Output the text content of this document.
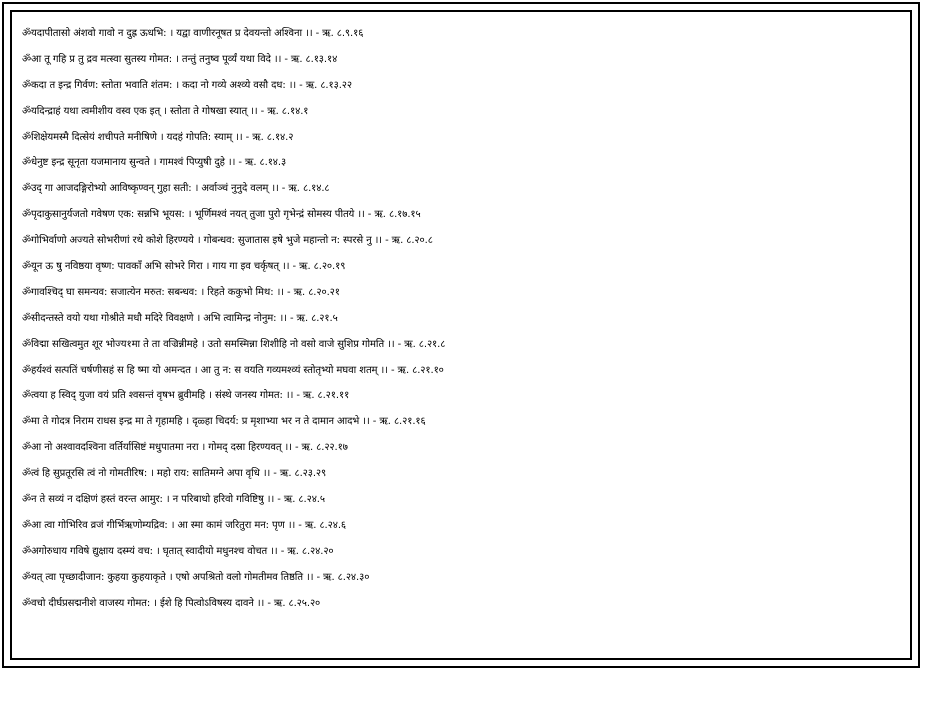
ॐयदापीतासो अंशवो गावो न दुह्र ऊधभि: । यद्वा वाणीरनूषत प्र देवयन्तो अश्विना ।। - ऋ. ८.९.१६
ॐआ तू गहि प्र तु द्रव मत्स्वा सुतस्य गोमत: । तन्तुं तनुष्व पूर्व्यं यथा विदे ।। - ऋ. ८.१३.१४
ॐकदा त इन्द्र गिर्वण: स्तोता भवाति शंतम: । कदा नो गव्ये अश्व्ये वसौ दध: ।। - ऋ. ८.१३.२२
ॐयदिन्द्राहं यथा त्वमीशीय वस्व एक इत् । स्तोता ते गोषखा स्यात् ।। - ऋ. ८.१४.१
ॐशिक्षेयमस्मै दित्सेयं शचीपते मनीषिणे । यदहं गोपति: स्याम् ।। - ऋ. ८.१४.२
ॐधेनुष्ट इन्द्र सूनृता यजमानाय सुन्वते । गामश्वं पिप्युषी दुहे ।। - ऋ. ८.१४.३
ॐउद् गा आजदङ्गिरोभ्यो आविष्कृण्वन् गुहा सती: । अर्वाञ्चं नुनुदे वलम् ।। - ऋ. ८.१४.८
ॐपृदाकुसानुर्यजतो गवेषण एक: सन्नभि भूयस: । भूर्णिमश्वं नयत् तुजा पुरो गृभेन्द्रं सोमस्य पीतये ।। - ऋ. ८.१७.१५
ॐगोभिर्वाणो अज्यते सोभरीणां रथे कोशे हिरण्यये । गोबन्धव: सुजातास इषे भुजे महान्तो न: स्परसे नु ।। - ऋ. ८.२०.८
ॐयून ऊ षु नविष्ठया वृष्ण: पावकाँ अभि सोभरे गिरा । गाय गा इव चर्कृषत् ।। - ऋ. ८.२०.१९
ॐगावश्चिद् घा समन्यव: सजात्येन मरुत: सबन्धव: । रिहते ककुभो मिथ: ।। - ऋ. ८.२०.२१
ॐसीदन्तस्ते वयो यथा गोश्रीते मधौ मदिरे विवक्षणे । अभि त्वामिन्द्र नोनुम: ।। - ऋ. ८.२१.५
ॐविद्मा सखित्वमुत शूर भोज्य१मा ते ता वज्रिन्नीमहे । उतो समस्मिन्ना शिशीहि नो वसो वाजे सुशिप्र गोमति ।। - ऋ. ८.२१.८
ॐहर्यश्वं सत्पतिं चर्षणीसहं स हि ष्मा यो अमन्दत । आ तु न: स वयति गव्यमश्व्यं स्तोतृभ्यो मघवा शतम् ।। - ऋ. ८.२१.१०
ॐत्वया ह स्विद् युजा वयं प्रति श्वसन्तं वृषभ ब्रुवीमहि । संस्थे जनस्य गोमत: ।। - ऋ. ८.२१.११
ॐमा ते गोदत्र निराम राधस इन्द्र मा ते गृहामहि । दृळ्हा चिदर्य: प्र मृशाभ्या भर न ते दामान आदभे ।। - ऋ. ८.२१.१६
ॐआ नो अश्वावदश्विना वर्तिर्यासिष्टं मधुपातमा नरा । गोमद् दस्रा हिरण्यवत् ।। - ऋ. ८.२२.१७
ॐत्वं हि सुप्रतूरसि त्वं नो गोमतीरिष: । महो राय: सातिमग्ने अपा वृधि ।। - ऋ. ८.२३.२९
ॐन ते सव्यं न दक्षिणं हस्तं वरन्त आमुर: । न परिबाधो हरिवो गविष्टिषु ।। - ऋ. ८.२४.५
ॐआ त्वा गोभिरिव व्रजं गीर्भिऋणोम्यद्रिव: । आ स्मा कामं जरितुरा मन: पृण ।। - ऋ. ८.२४.६
ॐअगोरुधाय गविषे द्युक्षाय दस्म्यं वच: । घृतात् स्वादीयो मधुनश्च वोचत ।। - ऋ. ८.२४.२०
ॐयत् त्वा पृच्छादीजान: कुहया कुहयाकृते । एषो अपश्रितो वलो गोमतीमव तिष्ठति ।। - ऋ. ८.२४.३०
ॐवचो दीर्घप्रसद्मनीशे वाजस्य गोमत: । ईशे हि पित्वोऽविषस्य दावने ।। - ऋ. ८.२५.२०
